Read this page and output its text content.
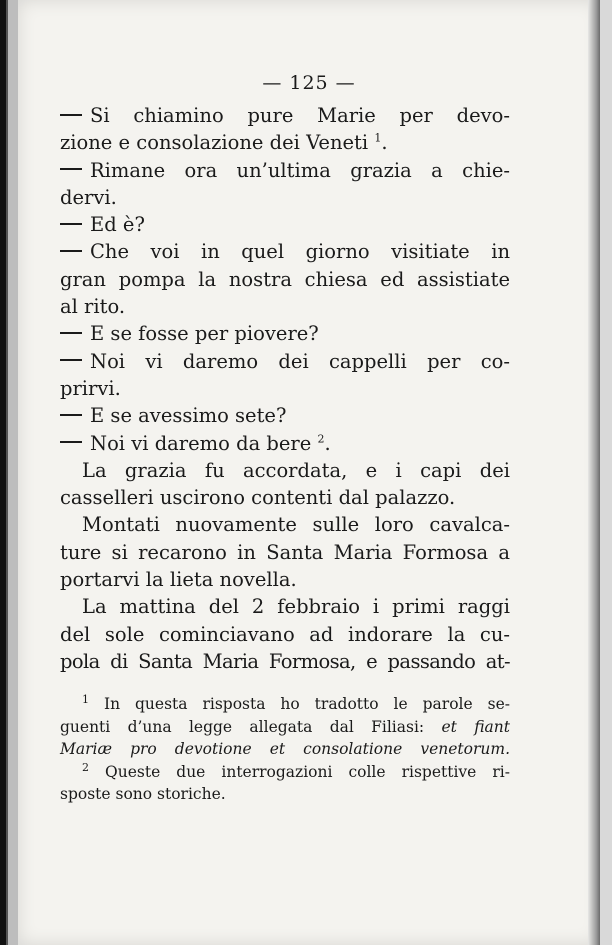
— 125 —
Si chiamino pure Marie per devo-
zione e consolazione dei Veneti $^1$.
Rimane ora un’ultima grazia a chie-
dervi.
Ed è?
Che voi in quel giorno visitiate in
gran pompa la nostra chiesa ed assistiate
al rito.
E se fosse per piovere?
Noi vi daremo dei cappelli per co-
prirvi.
E se avessimo sete?
Noi vi daremo da bere $^2$.
La grazia fu accordata, e i capi dei
casselleri uscirono contenti dal palazzo.
Montati nuovamente sulle loro cavalca-
ture si recarono in Santa Maria Formosa a
portarvi la lieta novella.
La mattina del 2 febbraio i primi raggi
del sole cominciavano ad indorare la cu-
pola di Santa Maria Formosa, e passando at-
$^1$ In questa risposta ho tradotto le parole se-
guenti d’una legge allegata dal Filiasi: et fiant
Mariæ pro devotione et consolatione venetorum.
$^2$ Queste due interrogazioni colle rispettive ri-
sposte sono storiche.
